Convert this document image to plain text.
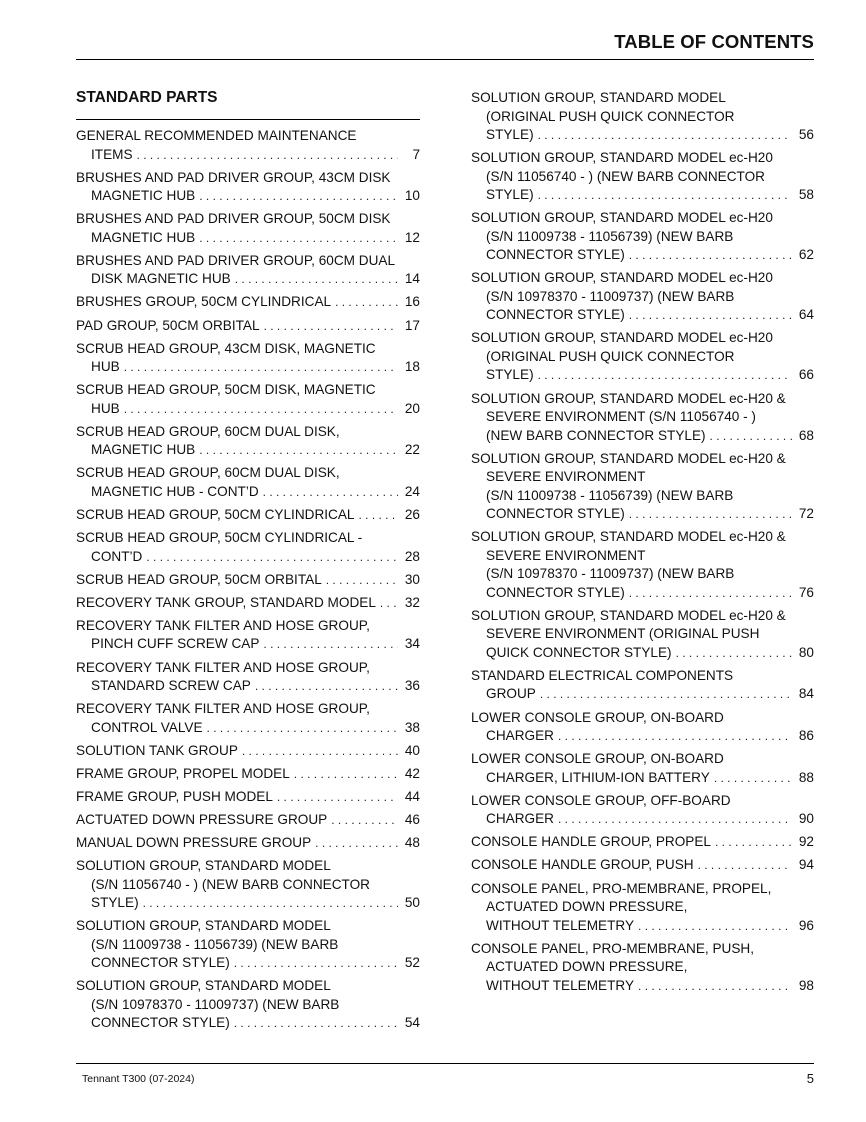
TABLE OF CONTENTS
STANDARD PARTS
GENERAL RECOMMENDED MAINTENANCE
ITEMS . . .	7
BRUSHES AND PAD DRIVER GROUP, 43CM DISK
MAGNETIC HUB . . .	10
BRUSHES AND PAD DRIVER GROUP, 50CM DISK
MAGNETIC HUB . . .	12
BRUSHES AND PAD DRIVER GROUP, 60CM DUAL
DISK MAGNETIC HUB . . .	14
BRUSHES GROUP, 50CM CYLINDRICAL . . .	16
PAD GROUP, 50CM ORBITAL . . .	17
SCRUB HEAD GROUP, 43CM DISK, MAGNETIC
HUB . . .	18
SCRUB HEAD GROUP, 50CM DISK, MAGNETIC
HUB . . .	20
SCRUB HEAD GROUP, 60CM DUAL DISK,
MAGNETIC HUB . . .	22
SCRUB HEAD GROUP, 60CM DUAL DISK,
MAGNETIC HUB - CONT’D . . .	24
SCRUB HEAD GROUP, 50CM CYLINDRICAL . . .	26
SCRUB HEAD GROUP, 50CM CYLINDRICAL -
CONT’D . . .	28
SCRUB HEAD GROUP, 50CM ORBITAL . . .	30
RECOVERY TANK GROUP, STANDARD MODEL . . . 32
RECOVERY TANK FILTER AND HOSE GROUP,
PINCH CUFF SCREW CAP . . .	34
RECOVERY TANK FILTER AND HOSE GROUP,
STANDARD SCREW CAP . . .	36
RECOVERY TANK FILTER AND HOSE GROUP,
CONTROL VALVE . . .	38
SOLUTION TANK GROUP . . .	40
FRAME GROUP, PROPEL MODEL . . .	42
FRAME GROUP, PUSH MODEL . . .	44
ACTUATED DOWN PRESSURE GROUP . . .	46
MANUAL DOWN PRESSURE GROUP . . .	48
SOLUTION GROUP, STANDARD MODEL
(S/N 11056740 - ) (NEW BARB CONNECTOR
STYLE) . . .	50
SOLUTION GROUP, STANDARD MODEL
(S/N 11009738 - 11056739) (NEW BARB
CONNECTOR STYLE) . . .	52
SOLUTION GROUP, STANDARD MODEL
(S/N 10978370 - 11009737) (NEW BARB
CONNECTOR STYLE) . . .	54
SOLUTION GROUP, STANDARD MODEL
(ORIGINAL PUSH QUICK CONNECTOR
STYLE) . . .	56
SOLUTION GROUP, STANDARD MODEL ec-H20
(S/N 11056740 - ) (NEW BARB CONNECTOR
STYLE) . . .	58
SOLUTION GROUP, STANDARD MODEL ec-H20
(S/N 11009738 - 11056739) (NEW BARB
CONNECTOR STYLE) . . .	62
SOLUTION GROUP, STANDARD MODEL ec-H20
(S/N 10978370 - 11009737) (NEW BARB
CONNECTOR STYLE) . . .	64
SOLUTION GROUP, STANDARD MODEL ec-H20
(ORIGINAL PUSH QUICK CONNECTOR
STYLE) . . .	66
SOLUTION GROUP, STANDARD MODEL ec-H20 &
SEVERE ENVIRONMENT (S/N 11056740 - )
(NEW BARB CONNECTOR STYLE) . . .	68
SOLUTION GROUP, STANDARD MODEL ec-H20 &
SEVERE ENVIRONMENT
(S/N 11009738 - 11056739) (NEW BARB
CONNECTOR STYLE) . . .	72
SOLUTION GROUP, STANDARD MODEL ec-H20 &
SEVERE ENVIRONMENT
(S/N 10978370 - 11009737) (NEW BARB
CONNECTOR STYLE) . . .	76
SOLUTION GROUP, STANDARD MODEL ec-H20 &
SEVERE ENVIRONMENT (ORIGINAL PUSH
QUICK CONNECTOR STYLE) . . .	80
STANDARD ELECTRICAL COMPONENTS
GROUP . . .	84
LOWER CONSOLE GROUP, ON-BOARD
CHARGER . . .	86
LOWER CONSOLE GROUP, ON-BOARD
CHARGER, LITHIUM-ION BATTERY . . .	88
LOWER CONSOLE GROUP, OFF-BOARD
CHARGER . . .	90
CONSOLE HANDLE GROUP, PROPEL . . .	92
CONSOLE HANDLE GROUP, PUSH . . .	94
CONSOLE PANEL, PRO-MEMBRANE, PROPEL,
ACTUATED DOWN PRESSURE,
WITHOUT TELEMETRY . . .	96
CONSOLE PANEL, PRO-MEMBRANE, PUSH,
ACTUATED DOWN PRESSURE,
WITHOUT TELEMETRY . . .	98
Tennant T300 (07-2024)	5
